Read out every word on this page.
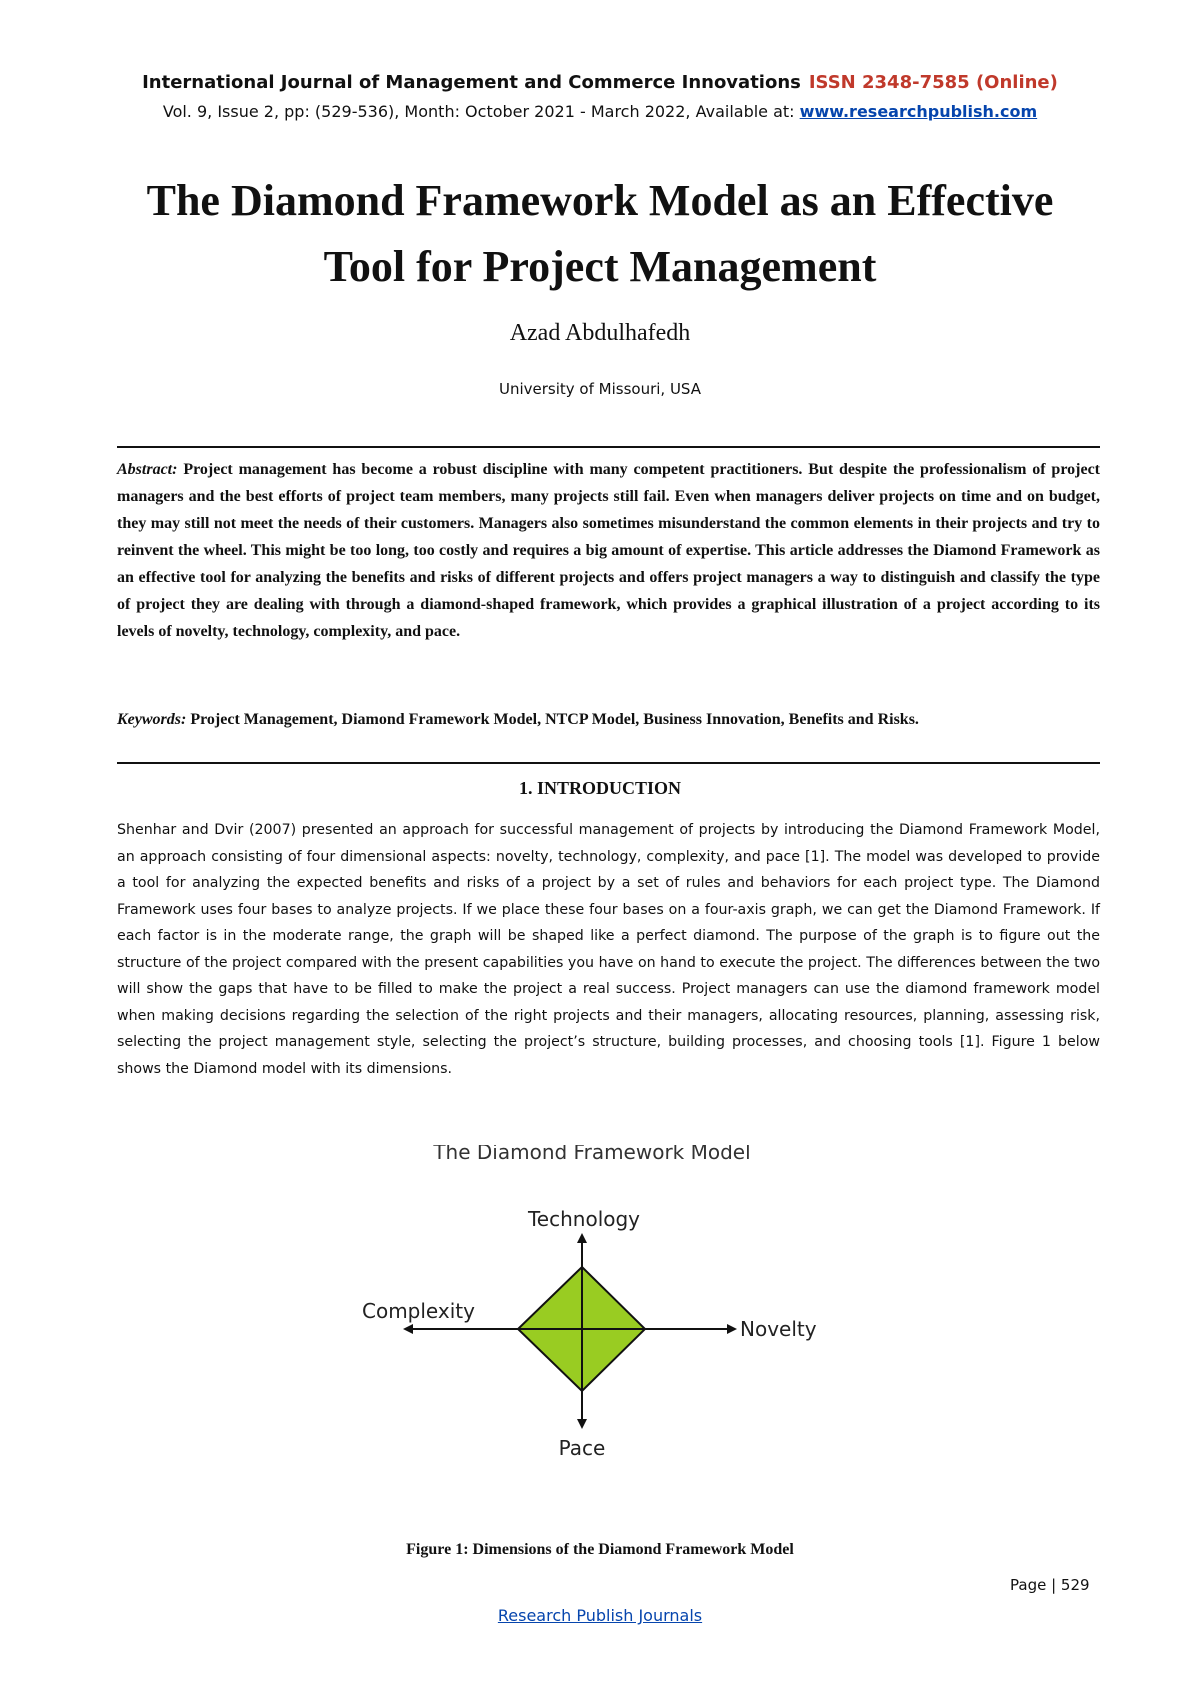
International Journal of Management and Commerce Innovations ISSN 2348-7585 (Online)
Vol. 9, Issue 2, pp: (529-536), Month: October 2021 - March 2022, Available at: www.researchpublish.com
The Diamond Framework Model as an Effective Tool for Project Management
Azad Abdulhafedh
University of Missouri, USA
Abstract: Project management has become a robust discipline with many competent practitioners. But despite the professionalism of project managers and the best efforts of project team members, many projects still fail. Even when managers deliver projects on time and on budget, they may still not meet the needs of their customers. Managers also sometimes misunderstand the common elements in their projects and try to reinvent the wheel. This might be too long, too costly and requires a big amount of expertise. This article addresses the Diamond Framework as an effective tool for analyzing the benefits and risks of different projects and offers project managers a way to distinguish and classify the type of project they are dealing with through a diamond-shaped framework, which provides a graphical illustration of a project according to its levels of novelty, technology, complexity, and pace.
Keywords: Project Management, Diamond Framework Model, NTCP Model, Business Innovation, Benefits and Risks.
1. INTRODUCTION
Shenhar and Dvir (2007) presented an approach for successful management of projects by introducing the Diamond Framework Model, an approach consisting of four dimensional aspects: novelty, technology, complexity, and pace [1]. The model was developed to provide a tool for analyzing the expected benefits and risks of a project by a set of rules and behaviors for each project type. The Diamond Framework uses four bases to analyze projects. If we place these four bases on a four-axis graph, we can get the Diamond Framework. If each factor is in the moderate range, the graph will be shaped like a perfect diamond. The purpose of the graph is to figure out the structure of the project compared with the present capabilities you have on hand to execute the project. The differences between the two will show the gaps that have to be filled to make the project a real success. Project managers can use the diamond framework model when making decisions regarding the selection of the right projects and their managers, allocating resources, planning, assessing risk, selecting the project management style, selecting the project’s structure, building processes, and choosing tools [1]. Figure 1 below shows the Diamond model with its dimensions.
The Diamond Framework Model
Technology
Complexity
Novelty
Pace
Figure 1: Dimensions of the Diamond Framework Model
Page | 529
Research Publish Journals
